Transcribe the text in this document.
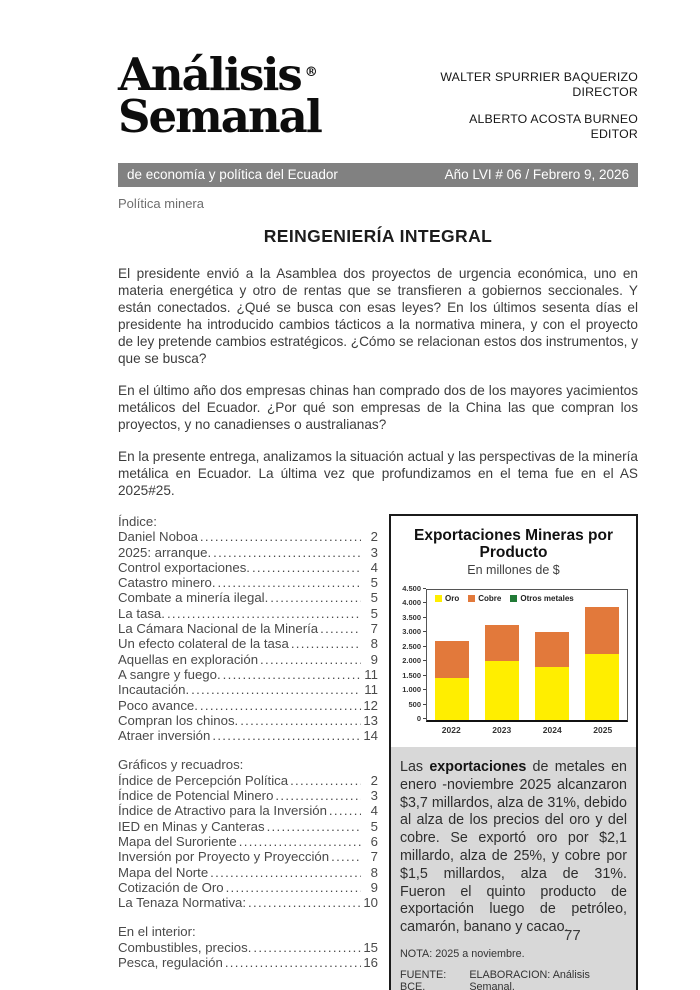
Análisis ®
Semanal
WALTER SPURRIER BAQUERIZO
DIRECTOR
ALBERTO ACOSTA BURNEO
EDITOR
de economía y política del Ecuador	Año LVI # 06 / Febrero 9, 2026
Política minera
REINGENIERÍA INTEGRAL

El presidente envió a la Asamblea dos proyectos de urgencia económica, uno en materia energética y otro de rentas que se transfieren a gobiernos seccionales. Y están conectados. ¿Qué se busca con esas leyes? En los últimos sesenta días el presidente ha introducido cambios tácticos a la normativa minera, y con el proyecto de ley pretende cambios estratégicos. ¿Cómo se relacionan estos dos instrumentos, y que se busca?

En el último año dos empresas chinas han comprado dos de los mayores yacimientos metálicos del Ecuador. ¿Por qué son empresas de la China las que compran los proyectos, y no canadienses o australianas?

En la presente entrega, analizamos la situación actual y las perspectivas de la minería metálica en Ecuador. La última vez que profundizamos en el tema fue en el AS 2025#25.

Índice:
Daniel Noboa .....	2
2025: arranque. .....	3
Control exportaciones. .....	4
Catastro minero. .....	5
Combate a minería ilegal. .....	5
La tasa. .....	5
La Cámara Nacional de la Minería .....	7
Un efecto colateral de la tasa .....	8
Aquellas en exploración .....	9
A sangre y fuego. .....	11
Incautación. .....	11
Poco avance. .....	12
Compran los chinos. .....	13
Atraer inversión .....	14
Gráficos y recuadros:
Índice de Percepción Política .....	2
Índice de Potencial Minero .....	3
Índice de Atractivo para la Inversión .....	4
IED en Minas y Canteras .....	5
Mapa del Suroriente .....	6
Inversión por Proyecto y Proyección .....	7
Mapa del Norte .....	8
Cotización de Oro .....	9
La Tenaza Normativa: .....	10
En el interior:
Combustibles, precios. .....	15
Pesca, regulación .....	16
Exportaciones Mineras por Producto
En millones de $
0
500
1.000
1.500
2.000
2.500
3.000
3.500
4.000
4.500
Oro Cobre Otros metales
2022	2023	2024	2025
Las exportaciones de metales en enero -noviembre 2025 alcanzaron $3,7 millardos, alza de 31%, debido al alza de los precios del oro y del cobre. Se exportó oro por $2,1 millardo, alza de 25%, y cobre por $1,5 millardos, alza de 31%. Fueron el quinto producto de exportación luego de petróleo, camarón, banano y cacao.
NOTA: 2025 a noviembre.
FUENTE: BCE.
ELABORACION: Análisis Semanal.
77
